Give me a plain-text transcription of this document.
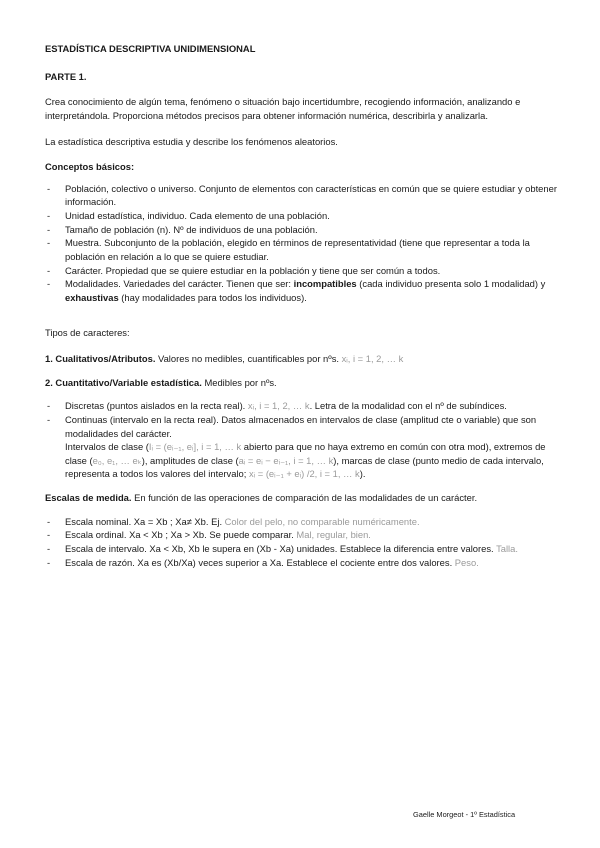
ESTADÍSTICA DESCRIPTIVA UNIDIMENSIONAL

PARTE 1.

Crea conocimiento de algún tema, fenómeno o situación bajo incertidumbre, recogiendo información, analizando e interpretándola. Proporciona métodos precisos para obtener información numérica, describirla y analizarla.

La estadística descriptiva estudia y describe los fenómenos aleatorios.

Conceptos básicos:

- Población, colectivo o universo. Conjunto de elementos con características en común que se quiere estudiar y obtener información.
- Unidad estadística, individuo. Cada elemento de una población.
- Tamaño de población (n). Nº de individuos de una población.
- Muestra. Subconjunto de la población, elegido en términos de representatividad (tiene que representar a toda la población en relación a lo que se quiere estudiar.
- Carácter. Propiedad que se quiere estudiar en la población y tiene que ser común a todos.
- Modalidades. Variedades del carácter. Tienen que ser: incompatibles (cada individuo presenta solo 1 modalidad) y exhaustivas (hay modalidades para todos los individuos).

Tipos de caracteres:

1. Cualitativos/Atributos. Valores no medibles, cuantificables por nºs. xᵢ, i = 1, 2, … k

2. Cuantitativo/Variable estadística. Medibles por nºs.

- Discretas (puntos aislados en la recta real). xᵢ, i = 1, 2, … k. Letra de la modalidad con el nº de subíndices.
- Continuas (intervalo en la recta real). Datos almacenados en intervalos de clase (amplitud cte o variable) que son modalidades del carácter.
Intervalos de clase (Iᵢ = (eᵢ₋₁, eᵢ], i = 1, … k abierto para que no haya extremo en común con otra mod), extremos de clase (e₀, e₁, … eₖ), amplitudes de clase (aᵢ = eᵢ − eᵢ₋₁, i = 1, … k), marcas de clase (punto medio de cada intervalo, representa a todos los valores del intervalo; xᵢ = (eᵢ₋₁ + eᵢ) /2, i = 1, … k).

Escalas de medida. En función de las operaciones de comparación de las modalidades de un carácter.

- Escala nominal. Xa = Xb ; Xa≠ Xb. Ej. Color del pelo, no comparable numéricamente.
- Escala ordinal. Xa < Xb ; Xa > Xb. Se puede comparar. Mal, regular, bien.
- Escala de intervalo. Xa < Xb, Xb le supera en (Xb - Xa) unidades. Establece la diferencia entre valores. Talla.
- Escala de razón. Xa es (Xb/Xa) veces superior a Xa. Establece el cociente entre dos valores. Peso.
Gaelle Morgeot - 1º Estadística
